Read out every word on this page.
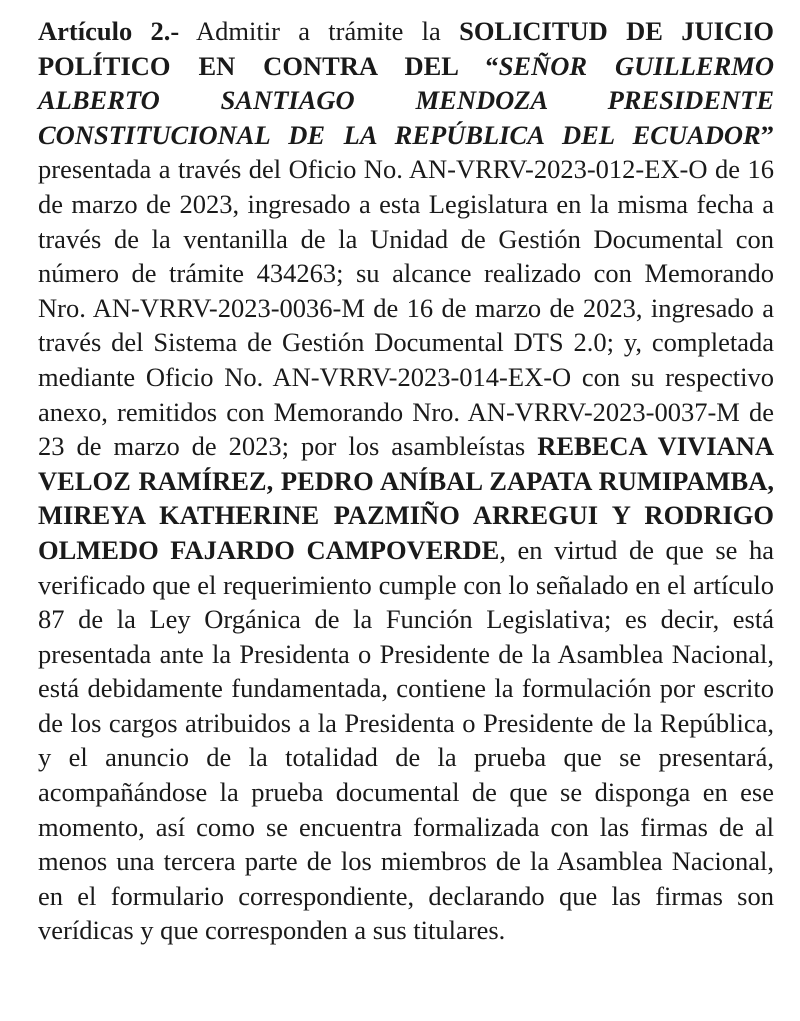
Artículo 2.- Admitir a trámite la SOLICITUD DE JUICIO POLÍTICO EN CONTRA DEL “SEÑOR GUILLERMO ALBERTO SANTIAGO MENDOZA PRESIDENTE CONSTITUCIONAL DE LA REPÚBLICA DEL ECUADOR” presentada a través del Oficio No. AN-VRRV-2023-012-EX-O de 16 de marzo de 2023, ingresado a esta Legislatura en la misma fecha a través de la ventanilla de la Unidad de Gestión Documental con número de trámite 434263; su alcance realizado con Memorando Nro. AN-VRRV-2023-0036-M de 16 de marzo de 2023, ingresado a través del Sistema de Gestión Documental DTS 2.0; y, completada mediante Oficio No. AN-VRRV-2023-014-EX-O con su respectivo anexo, remitidos con Memorando Nro. AN-VRRV-2023-0037-M de 23 de marzo de 2023; por los asambleístas REBECA VIVIANA VELOZ RAMÍREZ, PEDRO ANÍBAL ZAPATA RUMIPAMBA, MIREYA KATHERINE PAZMIÑO ARREGUI Y RODRIGO OLMEDO FAJARDO CAMPOVERDE, en virtud de que se ha verificado que el requerimiento cumple con lo señalado en el artículo 87 de la Ley Orgánica de la Función Legislativa; es decir, está presentada ante la Presidenta o Presidente de la Asamblea Nacional, está debidamente fundamentada, contiene la formulación por escrito de los cargos atribuidos a la Presidenta o Presidente de la República, y el anuncio de la totalidad de la prueba que se presentará, acompañándose la prueba documental de que se disponga en ese momento, así como se encuentra formalizada con las firmas de al menos una tercera parte de los miembros de la Asamblea Nacional, en el formulario correspondiente, declarando que las firmas son verídicas y que corresponden a sus titulares.
